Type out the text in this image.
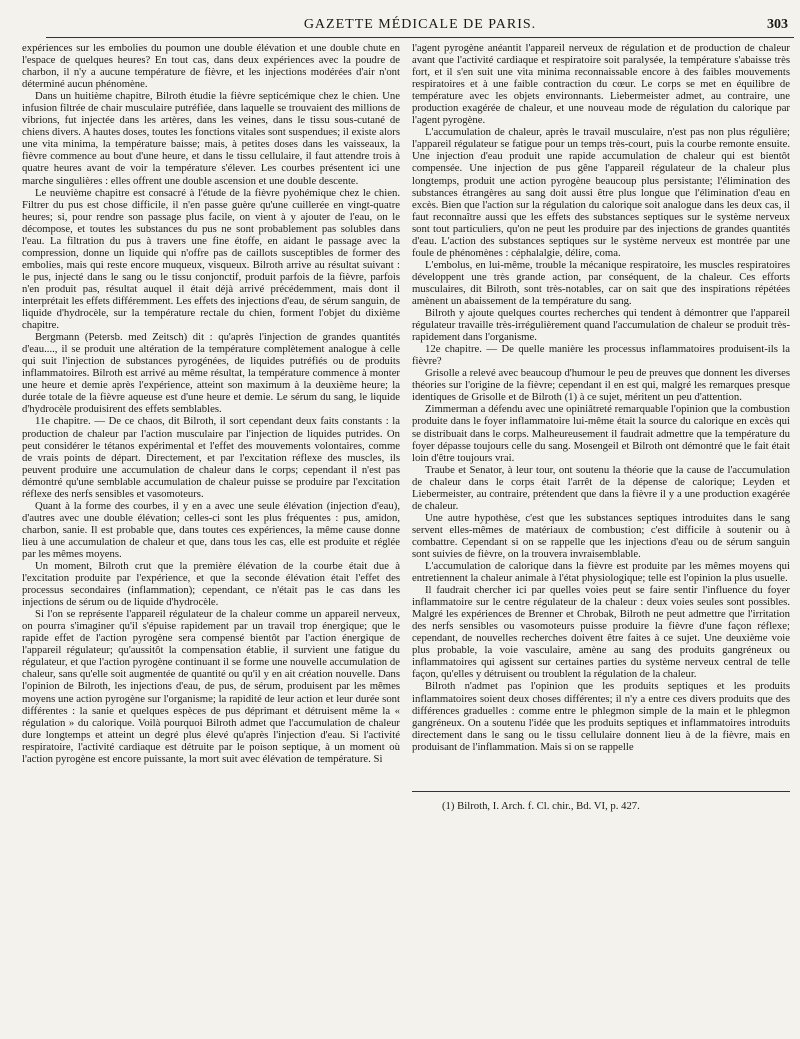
GAZETTE MÉDICALE DE PARIS.	303

expériences sur les embolies du poumon une double élévation et une double chute en l'espace de quelques heures? En tout cas, dans deux expériences avec la poudre de charbon, il n'y a aucune température de fièvre, et les injections modérées d'air n'ont déterminé aucun phénomène.

Dans un huitième chapitre, Bilroth étudie la fièvre septicémique chez le chien. Une infusion filtrée de chair musculaire putréfiée, dans laquelle se trouvaient des millions de vibrions, fut injectée dans les artères, dans les veines, dans le tissu sous-cutané de chiens divers. A hautes doses, toutes les fonctions vitales sont suspendues; il existe alors une vita minima, la température baisse; mais, à petites doses dans les vaisseaux, la fièvre commence au bout d'une heure, et dans le tissu cellulaire, il faut attendre trois à quatre heures avant de voir la température s'élever. Les courbes présentent ici une marche singulières : elles offrent une double ascension et une double descente.

Le neuvième chapitre est consacré à l'étude de la fièvre pyohémique chez le chien. Filtrer du pus est chose difficile, il n'en passe guère qu'une cuillerée en vingt-quatre heures; si, pour rendre son passage plus facile, on vient à y ajouter de l'eau, on le décompose, et toutes les substances du pus ne sont probablement pas solubles dans l'eau. La filtration du pus à travers une fine étoffe, en aidant le passage avec la compression, donne un liquide qui n'offre pas de caillots susceptibles de former des embolies, mais qui reste encore muqueux, visqueux. Bilroth arrive au résultat suivant : le pus, injecté dans le sang ou le tissu conjonctif, produit parfois de la fièvre, parfois n'en produit pas, résultat auquel il était déjà arrivé précédemment, mais dont il interprétait les effets différemment. Les effets des injections d'eau, de sérum sanguin, de liquide d'hydrocèle, sur la température rectale du chien, forment l'objet du dixième chapitre.

Bergmann (Petersb. med Zeitsch) dit : qu'après l'injection de grandes quantités d'eau...., il se produit une altération de la température complètement analogue à celle qui suit l'injection de substances pyrogénées, de liquides putréfiés ou de produits inflammatoires. Bilroth est arrivé au même résultat, la température commence à monter une heure et demie après l'expérience, atteint son maximum à la deuxième heure; la durée totale de la fièvre aqueuse est d'une heure et demie. Le sérum du sang, le liquide d'hydrocèle produisirent des effets semblables.

11e chapitre. — De ce chaos, dit Bilroth, il sort cependant deux faits constants : la production de chaleur par l'action musculaire par l'injection de liquides putrides. On peut considérer le tétanos expérimental et l'effet des mouvements volontaires, comme de vrais points de départ. Directement, et par l'excitation réflexe des muscles, ils peuvent produire une accumulation de chaleur dans le corps; cependant il n'est pas démontré qu'une semblable accumulation de chaleur puisse se produire par l'excitation réflexe des nerfs sensibles et vasomoteurs.

Quant à la forme des courbes, il y en a avec une seule élévation (injection d'eau), d'autres avec une double élévation; celles-ci sont les plus fréquentes : pus, amidon, charbon, sanie. Il est probable que, dans toutes ces expériences, la même cause donne lieu à une accumulation de chaleur et que, dans tous les cas, elle est produite et réglée par les mêmes moyens.

Un moment, Bilroth crut que la première élévation de la courbe était due à l'excitation produite par l'expérience, et que la seconde élévation était l'effet des processus secondaires (inflammation); cependant, ce n'était pas le cas dans les injections de sérum ou de liquide d'hydrocèle.

Si l'on se représente l'appareil régulateur de la chaleur comme un appareil nerveux, on pourra s'imaginer qu'il s'épuise rapidement par un travail trop énergique; que le rapide effet de l'action pyrogène sera compensé bientôt par l'action énergique de l'appareil régulateur; qu'aussitôt la compensation établie, il survient une fatigue du régulateur, et que l'action pyrogène continuant il se forme une nouvelle accumulation de chaleur, sans qu'elle soit augmentée de quantité ou qu'il y en ait création nouvelle. Dans l'opinion de Bilroth, les injections d'eau, de pus, de sérum, produisent par les mêmes moyens une action pyrogène sur l'organisme; la rapidité de leur action et leur durée sont différentes : la sanie et quelques espèces de pus déprimant et détruisent même la « régulation » du calorique. Voilà pourquoi Bilroth admet que l'accumulation de chaleur dure longtemps et atteint un degré plus élevé qu'après l'injection d'eau. Si l'activité respiratoire, l'activité cardiaque est détruite par le poison septique, à un moment où l'action pyrogène est encore puissante, la mort suit avec élévation de température. Si

l'agent pyrogène anéantit l'appareil nerveux de régulation et de production de chaleur avant que l'activité cardiaque et respiratoire soit paralysée, la température s'abaisse très fort, et il s'en suit une vita minima reconnaissable encore à des faibles mouvements respiratoires et à une faible contraction du cœur. Le corps se met en équilibre de température avec les objets environnants. Liebermeister admet, au contraire, une production exagérée de chaleur, et une nouveau mode de régulation du calorique par l'agent pyrogène.

L'accumulation de chaleur, après le travail musculaire, n'est pas non plus régulière; l'appareil régulateur se fatigue pour un temps très-court, puis la courbe remonte ensuite. Une injection d'eau produit une rapide accumulation de chaleur qui est bientôt compensée. Une injection de pus gêne l'appareil régulateur de la chaleur plus longtemps, produit une action pyrogène beaucoup plus persistante; l'élimination des substances étrangères au sang doit aussi être plus longue que l'élimination d'eau en excès. Bien que l'action sur la régulation du calorique soit analogue dans les deux cas, il faut reconnaître aussi que les effets des substances septiques sur le système nerveux sont tout particuliers, qu'on ne peut les produire par des injections de grandes quantités d'eau. L'action des substances septiques sur le système nerveux est montrée par une foule de phénomènes : céphalalgie, délire, coma.

L'embolus, en lui-même, trouble la mécanique respiratoire, les muscles respiratoires développent une très grande action, par conséquent, de la chaleur. Ces efforts musculaires, dit Bilroth, sont très-notables, car on sait que des inspirations répétées amènent un abaissement de la température du sang.

Bilroth y ajoute quelques courtes recherches qui tendent à démontrer que l'appareil régulateur travaille très-irrégulièrement quand l'accumulation de chaleur se produit très-rapidement dans l'organisme.

12e chapitre. — De quelle manière les processus inflammatoires produisent-ils la fièvre?

Grisolle a relevé avec beaucoup d'humour le peu de preuves que donnent les diverses théories sur l'origine de la fièvre; cependant il en est qui, malgré les remarques presque identiques de Grisolle et de Bilroth (1) à ce sujet, méritent un peu d'attention.

Zimmerman a défendu avec une opiniâtreté remarquable l'opinion que la combustion produite dans le foyer inflammatoire lui-même était la source du calorique en excès qui se distribuait dans le corps. Malheureusement il faudrait admettre que la température du foyer dépasse toujours celle du sang. Mosengeil et Bilroth ont démontré que le fait était loin d'être toujours vrai.

Traube et Senator, à leur tour, ont soutenu la théorie que la cause de l'accumulation de chaleur dans le corps était l'arrêt de la dépense de calorique; Leyden et Liebermeister, au contraire, prétendent que dans la fièvre il y a une production exagérée de chaleur.

Une autre hypothèse, c'est que les substances septiques introduites dans le sang servent elles-mêmes de matériaux de combustion; c'est difficile à soutenir ou à combattre. Cependant si on se rappelle que les injections d'eau ou de sérum sanguin sont suivies de fièvre, on la trouvera invraisemblable.

L'accumulation de calorique dans la fièvre est produite par les mêmes moyens qui entretiennent la chaleur animale à l'état physiologique; telle est l'opinion la plus usuelle.

Il faudrait chercher ici par quelles voies peut se faire sentir l'influence du foyer inflammatoire sur le centre régulateur de la chaleur : deux voies seules sont possibles. Malgré les expériences de Brenner et Chrobak, Bilroth ne peut admettre que l'irritation des nerfs sensibles ou vasomoteurs puisse produire la fièvre d'une façon réflexe; cependant, de nouvelles recherches doivent être faites à ce sujet. Une deuxième voie plus probable, la voie vasculaire, amène au sang des produits gangréneux ou inflammatoires qui agissent sur certaines parties du système nerveux central de telle façon, qu'elles y détruisent ou troublent la régulation de la chaleur.

Bilroth n'admet pas l'opinion que les produits septiques et les produits inflammatoires soient deux choses différentes; il n'y a entre ces divers produits que des différences graduelles : comme entre le phlegmon simple de la main et le phlegmon gangréneux. On a soutenu l'idée que les produits septiques et inflammatoires introduits directement dans le sang ou le tissu cellulaire donnent lieu à de la fièvre, mais en produisant de l'inflammation. Mais si on se rappelle

(1) Bilroth, I. Arch. f. Cl. chir., Bd. VI, p. 427.
